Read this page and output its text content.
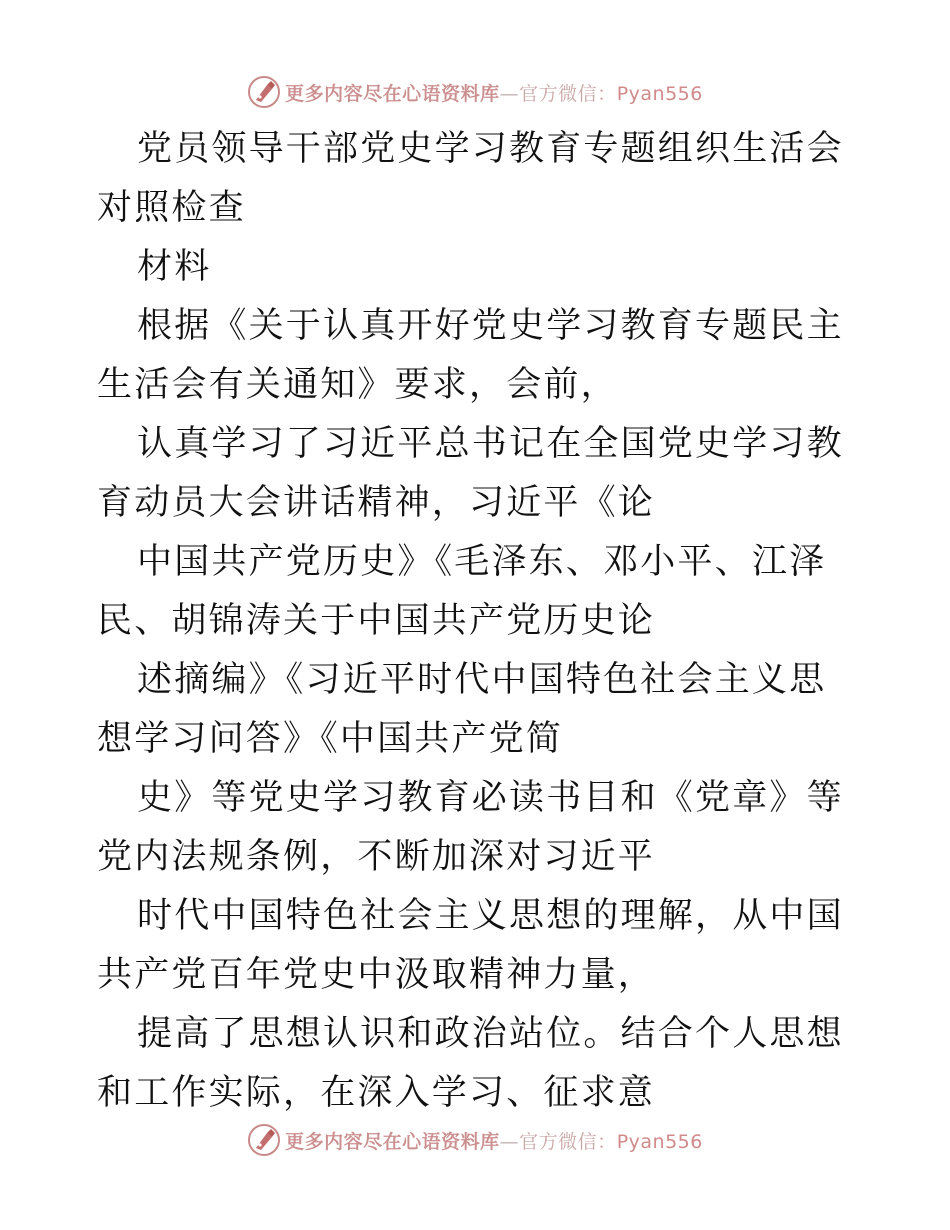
更多内容尽在心语资料库—官方微信：Pyan556

党员领导干部党史学习教育专题组织生活会对照检查

材料

根据《关于认真开好党史学习教育专题民主生活会有关通知》要求，会前，

认真学习了习近平总书记在全国党史学习教育动员大会讲话精神，习近平《论

中国共产党历史》《毛泽东、邓小平、江泽民、胡锦涛关于中国共产党历史论

述摘编》《习近平时代中国特色社会主义思想学习问答》《中国共产党简

史》等党史学习教育必读书目和《党章》等党内法规条例，不断加深对习近平

时代中国特色社会主义思想的理解，从中国共产党百年党史中汲取精神力量，

提高了思想认识和政治站位。结合个人思想和工作实际，在深入学习、征求意

更多内容尽在心语资料库—官方微信：Pyan556
